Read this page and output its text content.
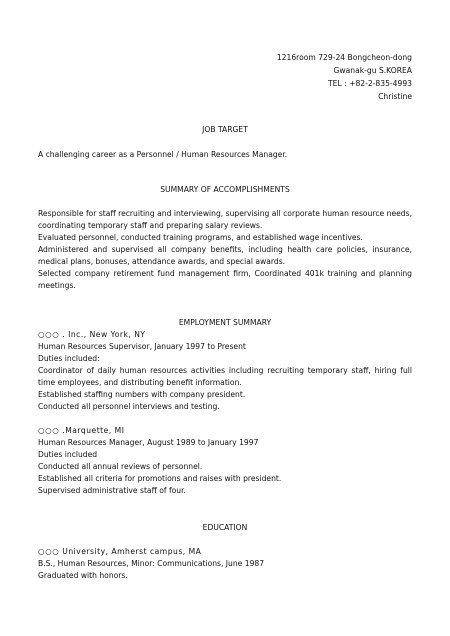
1216room 729-24 Bongcheon-dong
Gwanak-gu S.KOREA
TEL : +82-2-835-4993
Christine
JOB TARGET
A challenging career as a Personnel / Human Resources Manager.
SUMMARY OF ACCOMPLISHMENTS
Responsible for staff recruiting and interviewing, supervising all corporate human resource needs, coordinating temporary staff and preparing salary reviews.
Evaluated personnel, conducted training programs, and established wage incentives.
Administered and supervised all company benefits, including health care policies, insurance, medical plans, bonuses, attendance awards, and special awards.
Selected company retirement fund management firm, Coordinated 401k training and planning meetings.
EMPLOYMENT SUMMARY
○○○ . Inc., New York, NY
Human Resources Supervisor, January 1997 to Present
Duties included:
Coordinator of daily human resources activities including recruiting temporary staff, hiring full time employees, and distributing benefit information.
Established staffing numbers with company president.
Conducted all personnel interviews and testing.
○○○ .Marquette, MI
Human Resources Manager, August 1989 to January 1997
Duties included
Conducted all annual reviews of personnel.
Established all criteria for promotions and raises with president.
Supervised administrative staff of four.
EDUCATION
○○○ University, Amherst campus, MA
B.S., Human Resources, Minor: Communications, June 1987
Graduated with honors.
